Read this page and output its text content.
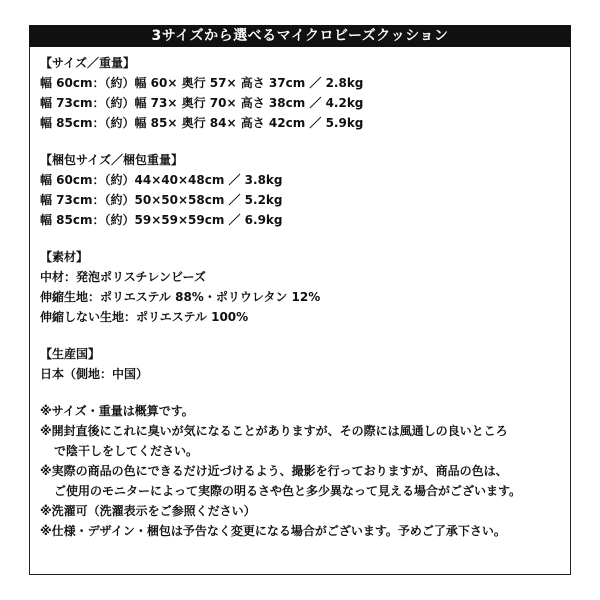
3サイズから選べるマイクロビーズクッション
【サイズ／重量】
幅 60cm：（約）幅 60× 奥行 57× 高さ 37cm ／ 2.8kg
幅 73cm：（約）幅 73× 奥行 70× 高さ 38cm ／ 4.2kg
幅 85cm：（約）幅 85× 奥行 84× 高さ 42cm ／ 5.9kg
【梱包サイズ／梱包重量】
幅 60cm：（約）44×40×48cm ／ 3.8kg
幅 73cm：（約）50×50×58cm ／ 5.2kg
幅 85cm：（約）59×59×59cm ／ 6.9kg
【素材】
中材：発泡ポリスチレンビーズ
伸縮生地：ポリエステル 88%・ポリウレタン 12%
伸縮しない生地：ポリエステル 100%
【生産国】
日本（側地：中国）
※サイズ・重量は概算です。
※開封直後にこれに臭いが気になることがありますが、その際には風通しの良いところ
で陰干しをしてください。
※実際の商品の色にできるだけ近づけるよう、撮影を行っておりますが、商品の色は、
ご使用のモニターによって実際の明るさや色と多少異なって見える場合がございます。
※洗濯可（洗濯表示をご参照ください）
※仕様・デザイン・梱包は予告なく変更になる場合がございます。予めご了承下さい。
